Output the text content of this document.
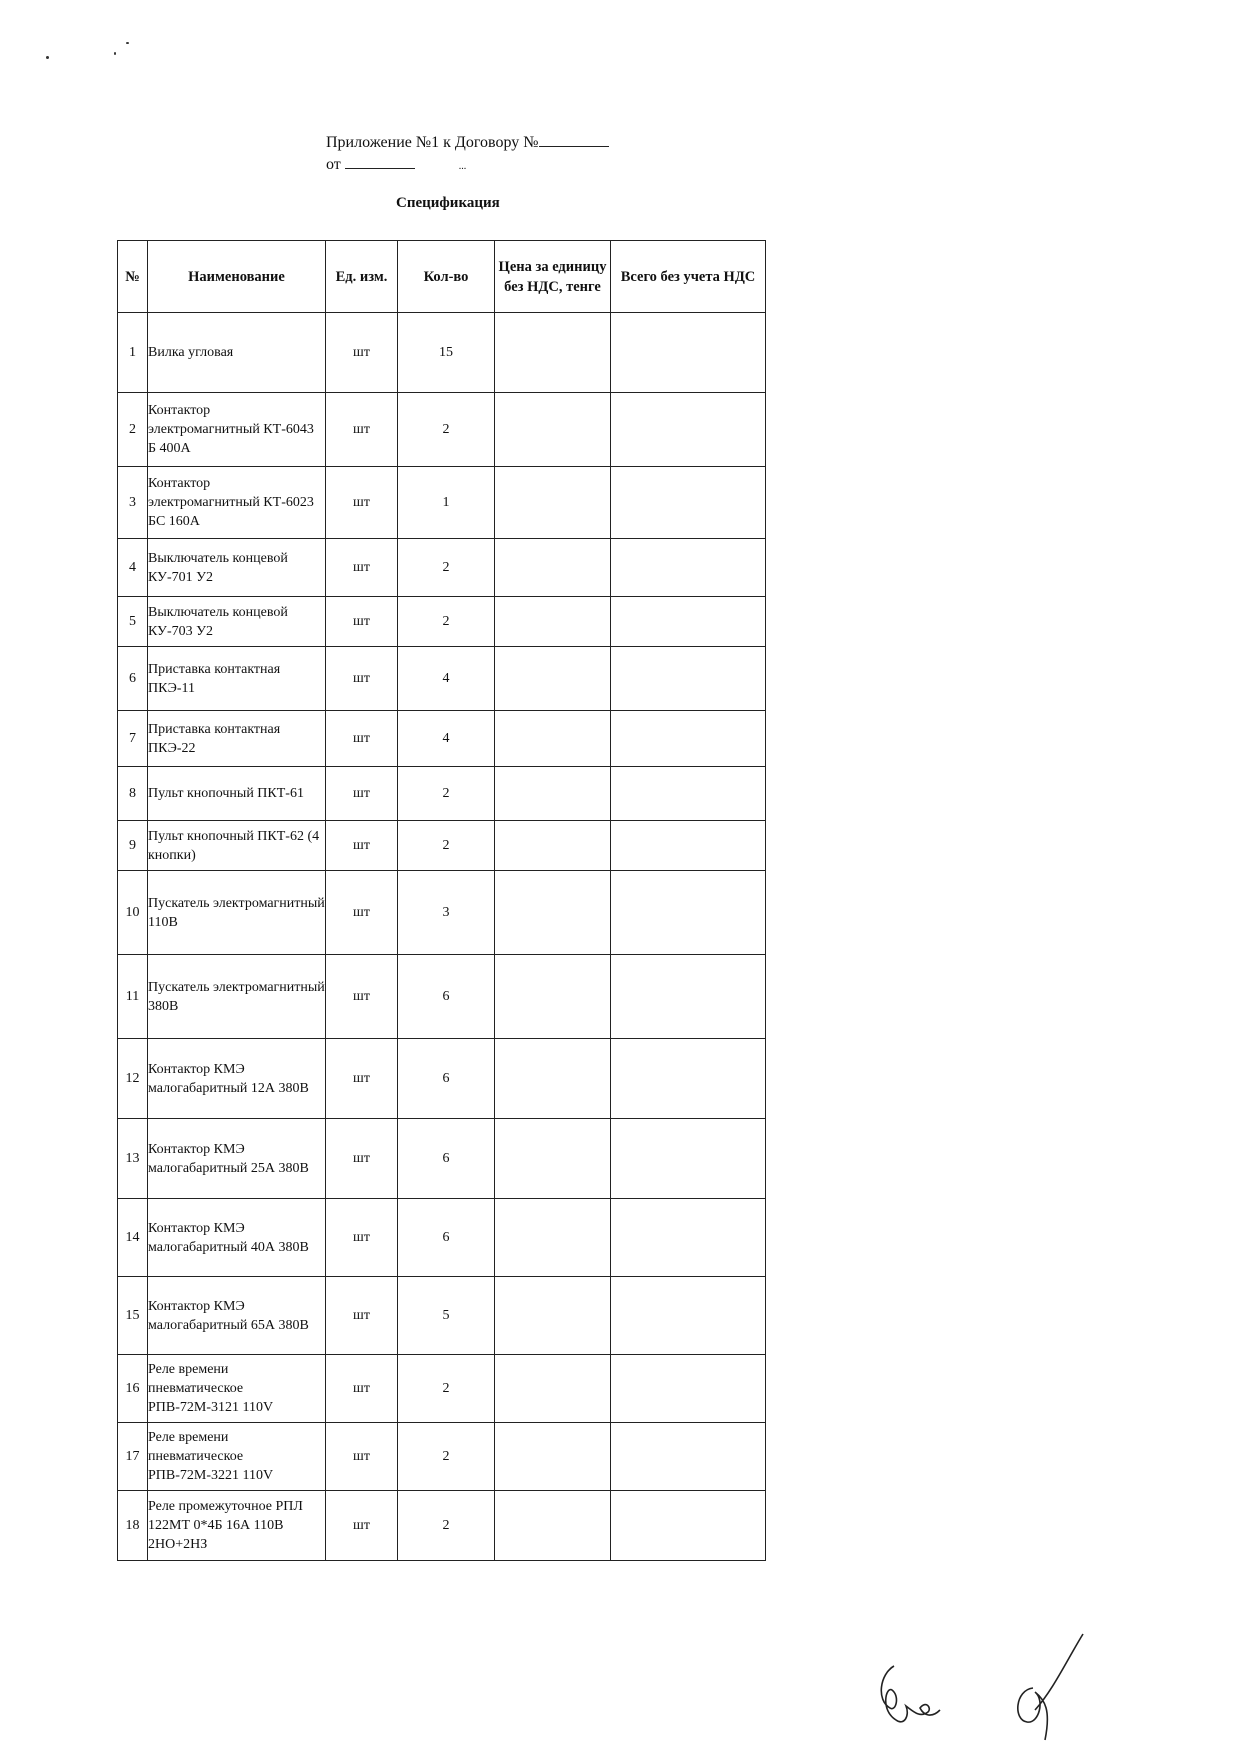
Приложение №1 к Договору №
от	...
Спецификация
№	Наименование	Ед. изм.	Кол-во	Цена за единицу без НДС, тенге	Всего без учета НДС
1	Вилка угловая	шт	15		
2	Контактор электромагнитный КТ-6043 Б 400А	шт	2		
3	Контактор электромагнитный КТ-6023 БС 160А	шт	1		
4	Выключатель концевой КУ-701 У2	шт	2		
5	Выключатель концевой КУ-703 У2	шт	2		
6	Приставка контактная ПКЭ-11	шт	4		
7	Приставка контактная ПКЭ-22	шт	4		
8	Пульт кнопочный ПКТ-61	шт	2		
9	Пульт кнопочный ПКТ-62 (4 кнопки)	шт	2		
10	Пускатель электромагнитный 110В	шт	3		
11	Пускатель электромагнитный 380В	шт	6		
12	Контактор КМЭ малогабаритный 12А 380В	шт	6		
13	Контактор КМЭ малогабаритный 25А 380В	шт	6		
14	Контактор КМЭ малогабаритный 40А 380В	шт	6		
15	Контактор КМЭ малогабаритный 65А 380В	шт	5		
16	Реле времени пневматическое РПВ-72М-3121 110V	шт	2		
17	Реле времени пневматическое РПВ-72М-3221 110V	шт	2		
18	Реле промежуточное РПЛ 122МТ 0*4Б 16А 110В 2НО+2НЗ	шт	2		
